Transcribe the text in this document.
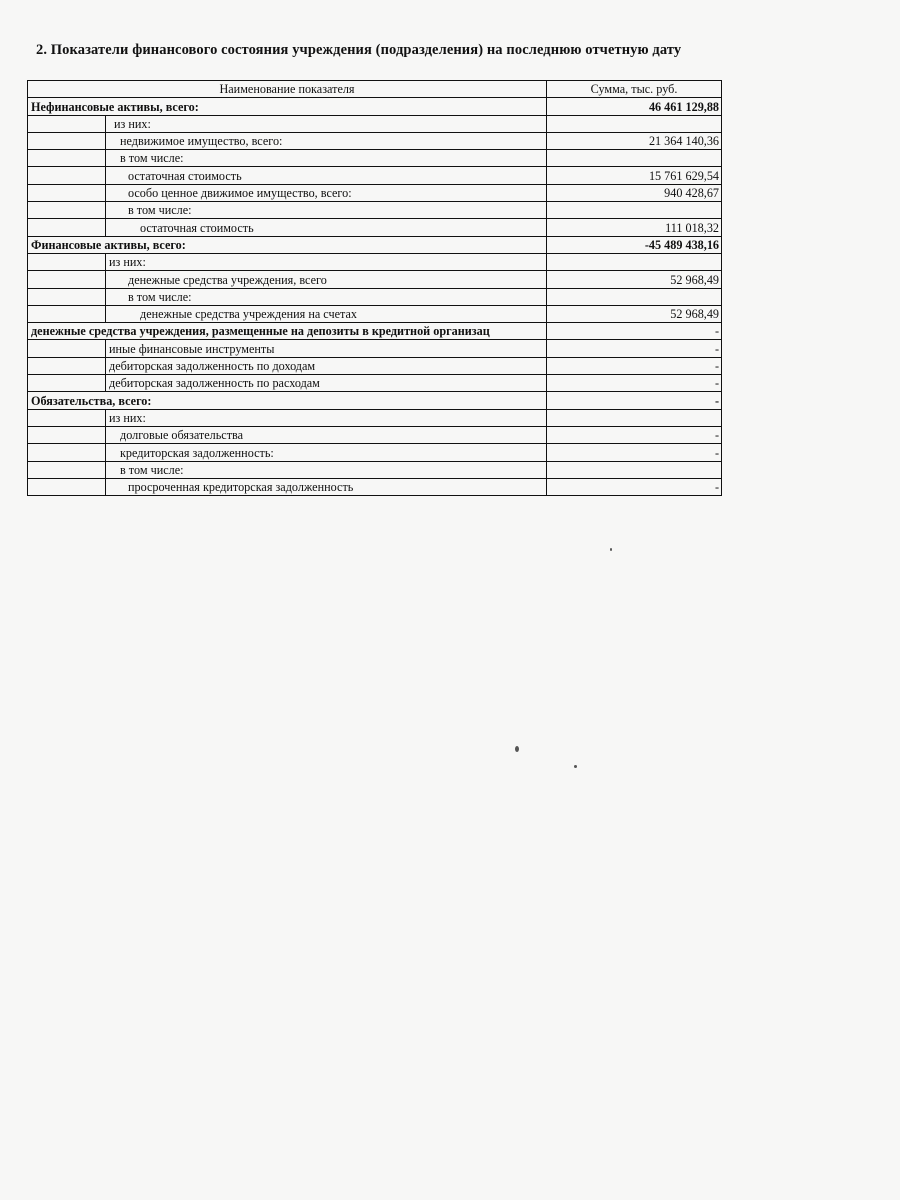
2. Показатели финансового состояния учреждения (подразделения) на последнюю отчетную дату
Наименование показателя		Сумма, тыс. руб.
Нефинансовые активы, всего:		46 461 129,88
	из них:	
	недвижимое имущество, всего:	21 364 140,36
	в том числе:	
	остаточная стоимость	15 761 629,54
	особо ценное движимое имущество, всего:	940 428,67
	в том числе:	
	остаточная стоимость	111 018,32
Финансовые активы, всего:		-45 489 438,16
	из них:	
	денежные средства учреждения, всего	52 968,49
	в том числе:	
	денежные средства учреждения на счетах	52 968,49
денежные средства учреждения, размещенные на депозиты в кредитной организац		-
	иные финансовые инструменты	-
	дебиторская задолженность по доходам	-
	дебиторская задолженность по расходам	-
Обязательства, всего:		-
	из них:	
	долговые обязательства	-
	кредиторская задолженность:	-
	в том числе:	
	просроченная кредиторская задолженность	-
